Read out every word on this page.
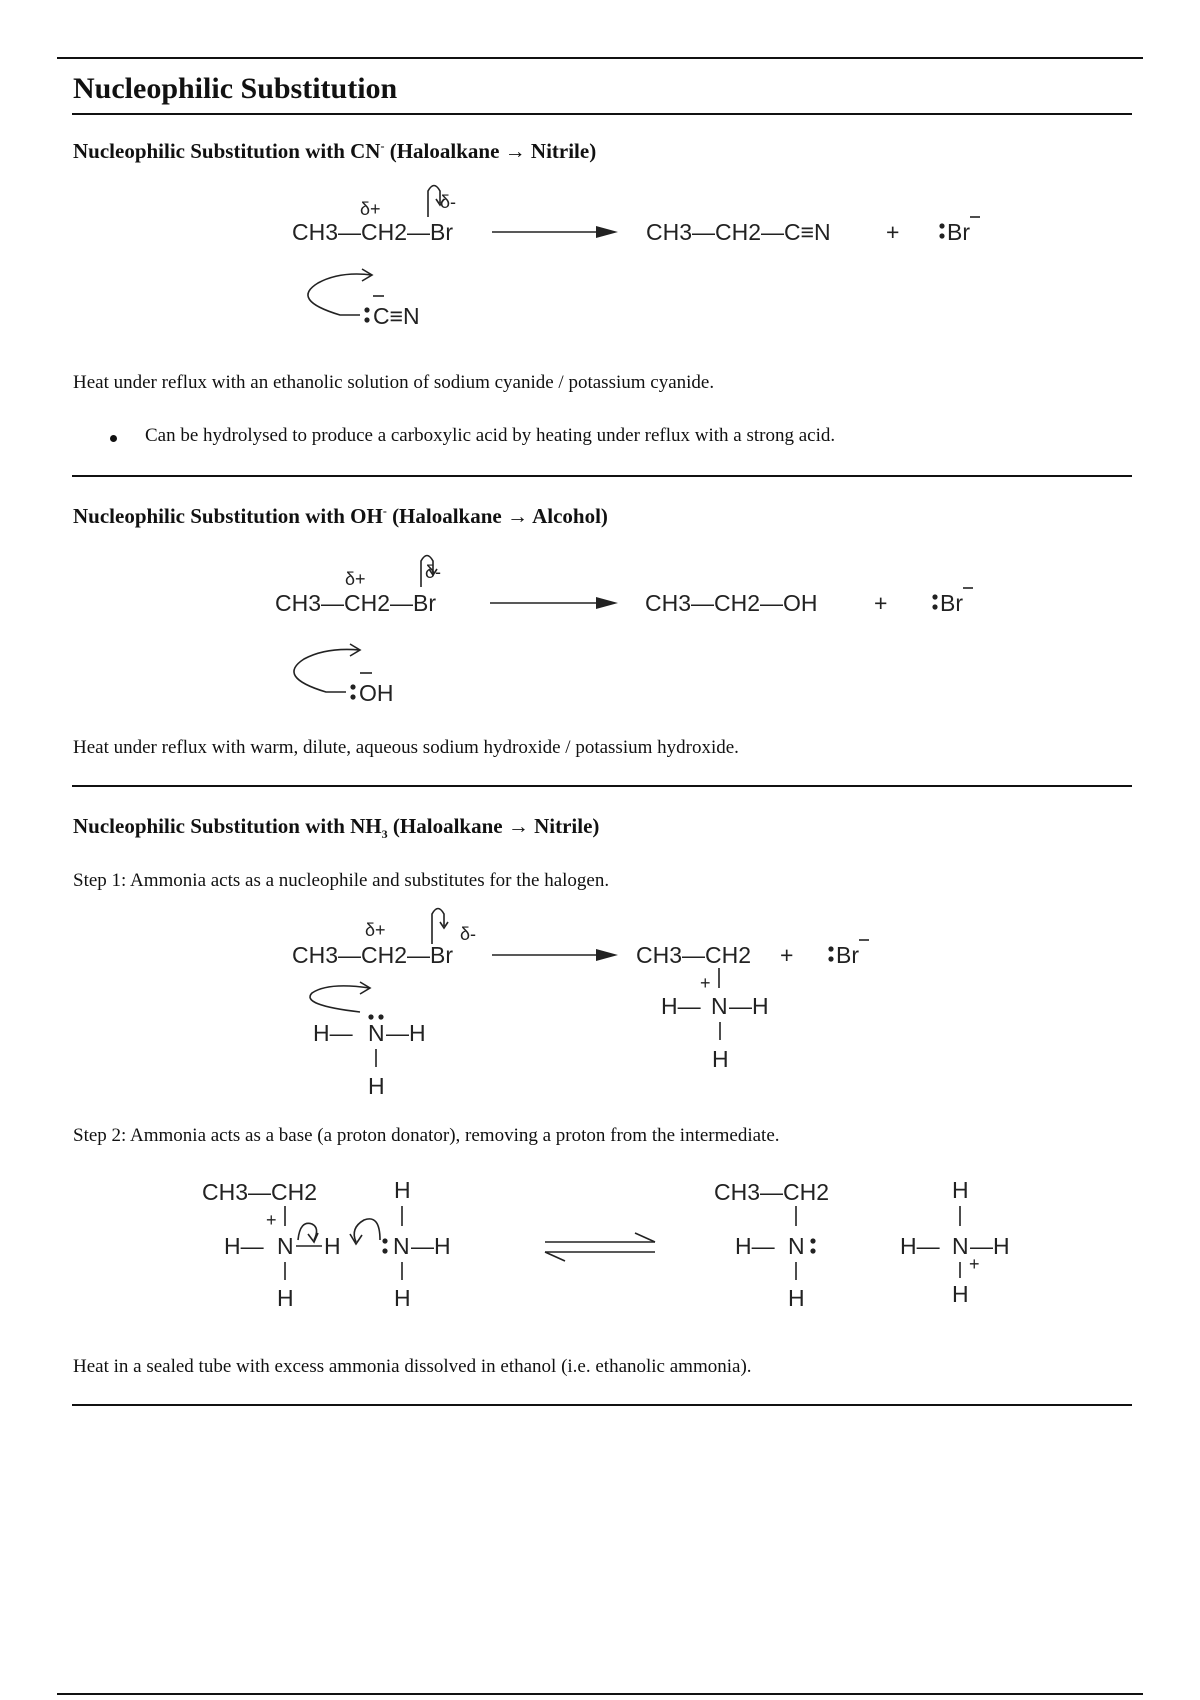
Nucleophilic Substitution
Nucleophilic Substitution with CN- (Haloalkane → Nitrile)
δ+	δ-
CH3—CH2—Br	CH3—CH2—C≡N + Br
C≡N

Heat under reflux with an ethanolic solution of sodium cyanide / potassium cyanide.

Can be hydrolysed to produce a carboxylic acid by heating under reflux with a strong acid.
Nucleophilic Substitution with OH- (Haloalkane → Alcohol)
δ+	δ-
CH3—CH2—Br	CH3—CH2—OH + Br
OH

Heat under reflux with warm, dilute, aqueous sodium hydroxide / potassium hydroxide.

Nucleophilic Substitution with $NH_3$ (Haloalkane → Nitrile)

Step 1: Ammonia acts as a nucleophile and substitutes for the halogen.

δ+	δ-
CH3—CH2—Br	CH3—CH2 + Br
+
H— N —H
H
H— N —H
H

Step 2: Ammonia acts as a base (a proton donator), removing a proton from the intermediate.

CH3—CH2
+
H— N H
H
H
N —H
H
CH3—CH2
H— N
H
H
H— N —H
+
H

Heat in a sealed tube with excess ammonia dissolved in ethanol (i.e. ethanolic ammonia).
